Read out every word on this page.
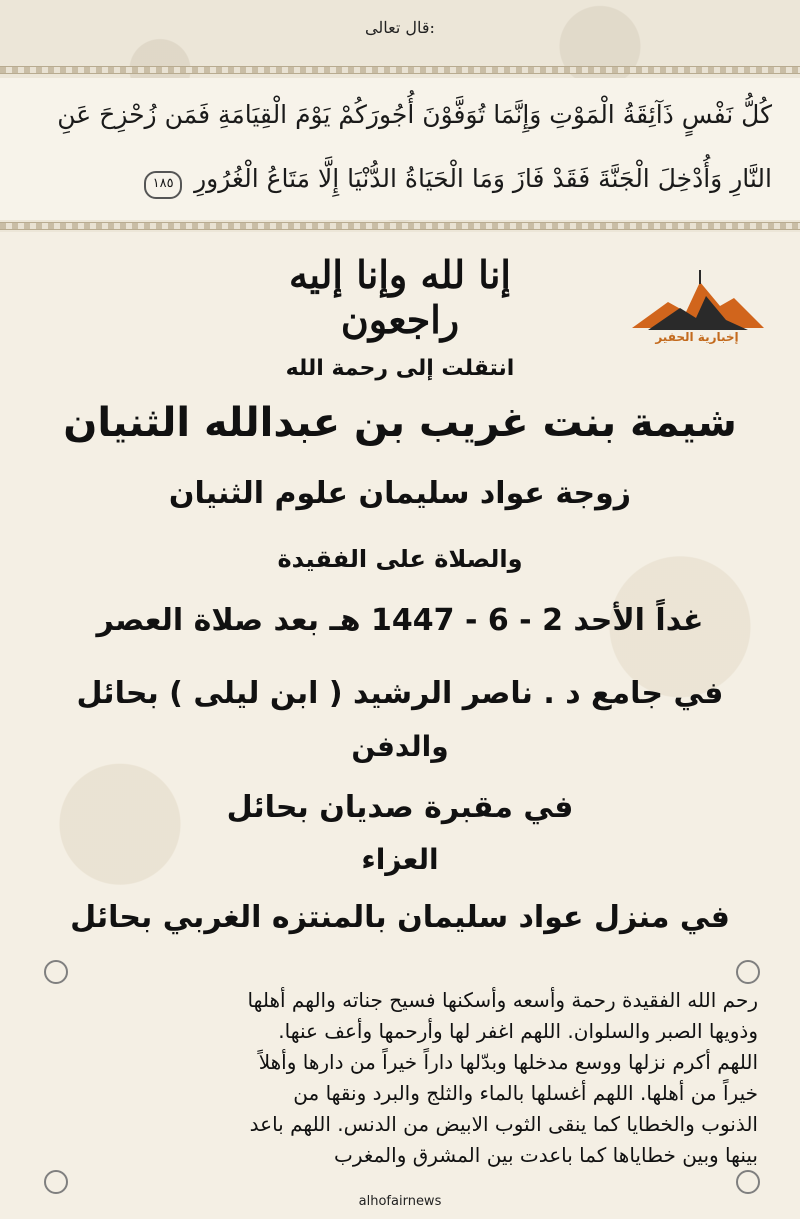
قال تعالى:
كُلُّ نَفْسٍ ذَآئِقَةُ الْمَوْتِ وَإِنَّمَا تُوَفَّوْنَ أُجُورَكُمْ يَوْمَ الْقِيَامَةِ فَمَن زُحْزِحَ عَنِ
النَّارِ وَأُدْخِلَ الْجَنَّةَ فَقَدْ فَازَ وَمَا الْحَيَاةُ الدُّنْيَا إِلَّا مَتَاعُ الْغُرُورِ ١٨٥
إخبارية الحفير
إنا لله وإنا إليه راجعون
انتقلت إلى رحمة الله
شيمة بنت غريب بن عبدالله الثنيان
زوجة عواد سليمان علوم الثنيان
والصلاة على الفقيدة
غداً الأحد 2 - 6 - 1447 هـ بعد صلاة العصر
في جامع د . ناصر الرشيد ( ابن ليلى ) بحائل
والدفن
في مقبرة صديان بحائل
العزاء
في منزل عواد سليمان بالمنتزه الغربي بحائل
رحم الله الفقيدة رحمة وأسعه وأسكنها فسيح جناته والهم أهلها
وذويها الصبر والسلوان. اللهم اغفر لها وأرحمها وأعف عنها.
اللهم أكرم نزلها ووسع مدخلها وبدّلها داراً خيراً من دارها وأهلاً
خيراً من أهلها. اللهم أغسلها بالماء والثلج والبرد ونقها من
الذنوب والخطايا كما ينقى الثوب الابيض من الدنس. اللهم باعد
بينها وبين خطاياها كما باعدت بين المشرق والمغرب
alhofairnews
